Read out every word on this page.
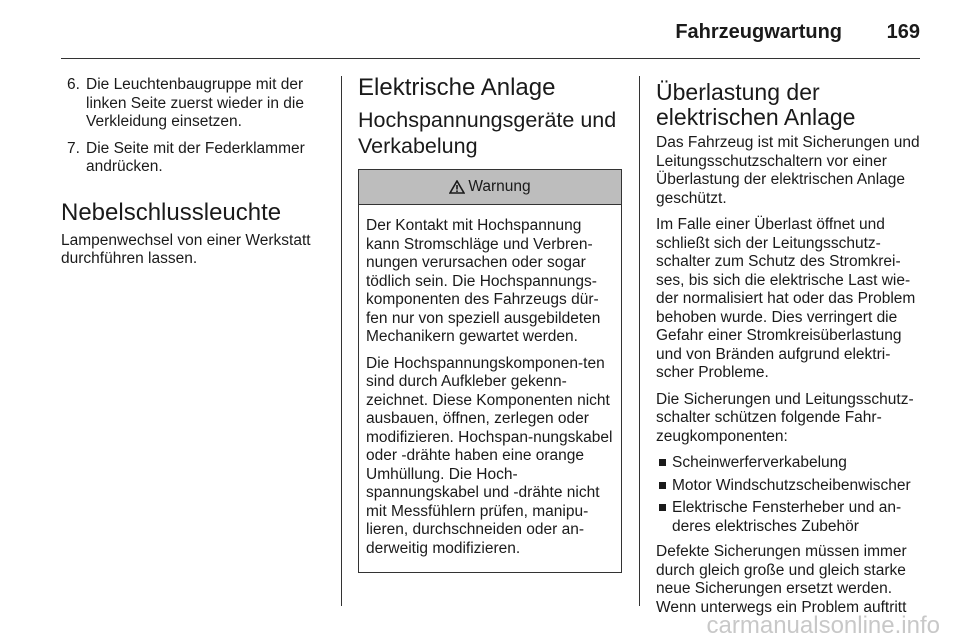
Fahrzeugwartung 169
6. Die Leuchtenbaugruppe mit der linken Seite zuerst wieder in die Verkleidung einsetzen.
7. Die Seite mit der Federklammer andrücken.
Nebelschlussleuchte

Lampenwechsel von einer Werkstatt durchführen lassen.

Elektrische Anlage
Hochspannungsgeräte und Verkabelung
Warnung

Der Kontakt mit Hochspannung kann Stromschläge und Verbren-nungen verursachen oder sogar tödlich sein. Die Hochspannungs-komponenten des Fahrzeugs dür-fen nur von speziell ausgebildeten Mechanikern gewartet werden.

Die Hochspannungskomponen-ten sind durch Aufkleber gekenn-zeichnet. Diese Komponenten nicht ausbauen, öffnen, zerlegen oder modifizieren. Hochspan-nungskabel oder -drähte haben eine orange Umhüllung. Die Hoch-spannungskabel und -drähte nicht mit Messfühlern prüfen, manipu-lieren, durchschneiden oder an-derweitig modifizieren.

Überlastung der elektrischen Anlage

Das Fahrzeug ist mit Sicherungen und Leitungsschutzschaltern vor einer Überlastung der elektrischen Anlage geschützt.

Im Falle einer Überlast öffnet und schließt sich der Leitungsschutz-schalter zum Schutz des Stromkrei-ses, bis sich die elektrische Last wie-der normalisiert hat oder das Problem behoben wurde. Dies verringert die Gefahr einer Stromkreisüberlastung und von Bränden aufgrund elektri-scher Probleme.

Die Sicherungen und Leitungsschutz-schalter schützen folgende Fahr-zeugkomponenten:

Scheinwerferverkabelung
Motor Windschutzscheibenwischer
Elektrische Fensterheber und an-deres elektrisches Zubehör

Defekte Sicherungen müssen immer durch gleich große und gleich starke neue Sicherungen ersetzt werden. Wenn unterwegs ein Problem auftritt

carmanualsonline.info
